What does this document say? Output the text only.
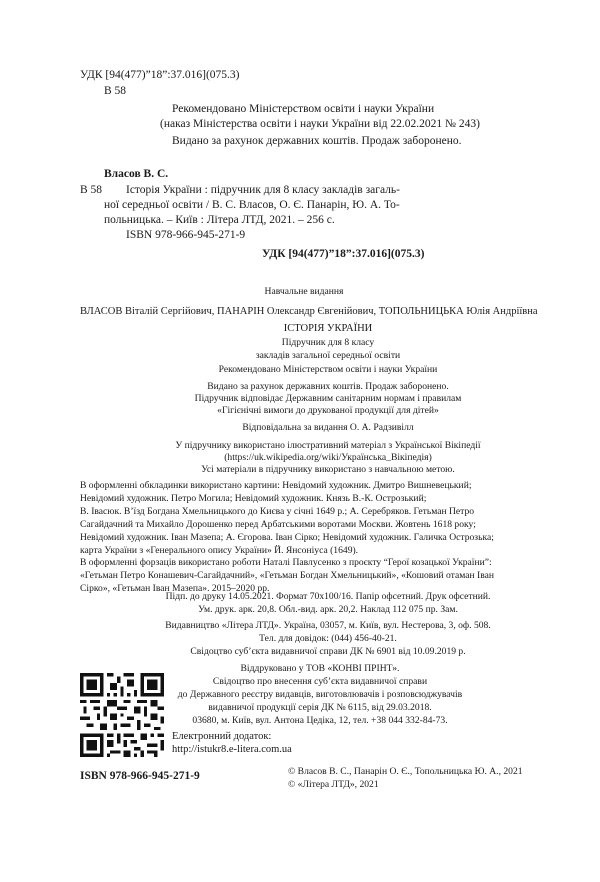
УДК [94(477)”18”:37.016](075.3)
В 58
Рекомендовано Міністерством освіти і науки України
(наказ Міністерства освіти і науки України від 22.02.2021 № 243)
Видано за рахунок державних коштів. Продаж заборонено.
Власов В. С.
В 58 Історія України : підручник для 8 класу закладів загаль-
ної середньої освіти / В. С. Власов, О. Є. Панарін, Ю. А. То-
польницька. – Київ : Літера ЛТД, 2021. – 256 с.
ISBN 978-966-945-271-9
УДК [94(477)”18”:37.016](075.3)
Навчальне видання
ВЛАСОВ Віталій Сергійович, ПАНАРІН Олександр Євгенійович, ТОПОЛЬНИЦЬКА Юлія Андріївна
ІСТОРІЯ УКРАЇНИ
Підручник для 8 класу
закладів загальної середньої освіти
Рекомендовано Міністерством освіти і науки України
Видано за рахунок державних коштів. Продаж заборонено.
Підручник відповідає Державним санітарним нормам і правилам
«Гігієнічні вимоги до друкованої продукції для дітей»
Відповідальна за видання О. А. Радзивілл
У підручнику використано ілюстративний матеріал з Української Вікіпедії
(https://uk.wikipedia.org/wiki/Українська_Вікіпедія)
Усі матеріали в підручнику використано з навчальною метою.
В оформленні обкладинки використано картини: Невідомий художник. Дмитро Вишневецький;
Невідомий художник. Петро Могила; Невідомий художник. Князь В.-К. Острозький;
В. Івасюк. В’їзд Богдана Хмельницького до Києва у січні 1649 р.; А. Серебряков. Гетьман Петро
Сагайдачний та Михайло Дорошенко перед Арбатськими воротами Москви. Жовтень 1618 року;
Невідомий художник. Іван Мазепа; А. Єгорова. Іван Сірко; Невідомий художник. Галичка Острозька;
карта України з «Генерального опису України» Й. Янсоніуса (1649).
В оформленні форзаців використано роботи Наталі Павлусенко з проєкту “Герої козацької України”:
«Гетьман Петро Конашевич-Сагайдачний», «Гетьман Богдан Хмельницький», «Кошовий отаман Іван
Сірко», «Гетьман Іван Мазепа». 2015–2020 рр.
Підп. до друку 14.05.2021. Формат 70х100/16. Папір офсетний. Друк офсетний.
Ум. друк. арк. 20,8. Обл.-вид. арк. 20,2. Наклад 112 075 пр. Зам.
Видавництво «Літера ЛТД». Україна, 03057, м. Київ, вул. Нестерова, 3, оф. 508.
Тел. для довідок: (044) 456-40-21.
Свідоцтво суб’єкта видавничої справи ДК № 6901 від 10.09.2019 р.
Віддруковано у ТОВ «КОНВІ ПРІНТ».
Свідоцтво про внесення суб’єкта видавничої справи
до Державного реєстру видавців, виготовлювачів і розповсюджувачів
видавничої продукції серія ДК № 6115, від 29.03.2018.
03680, м. Київ, вул. Антона Цедіка, 12, тел. +38 044 332-84-73.
Електронний додаток:
http://istukr8.e-litera.com.ua
ISBN 978-966-945-271-9	© Власов В. С., Панарін О. Є., Топольницька Ю. А., 2021
© «Літера ЛТД», 2021
